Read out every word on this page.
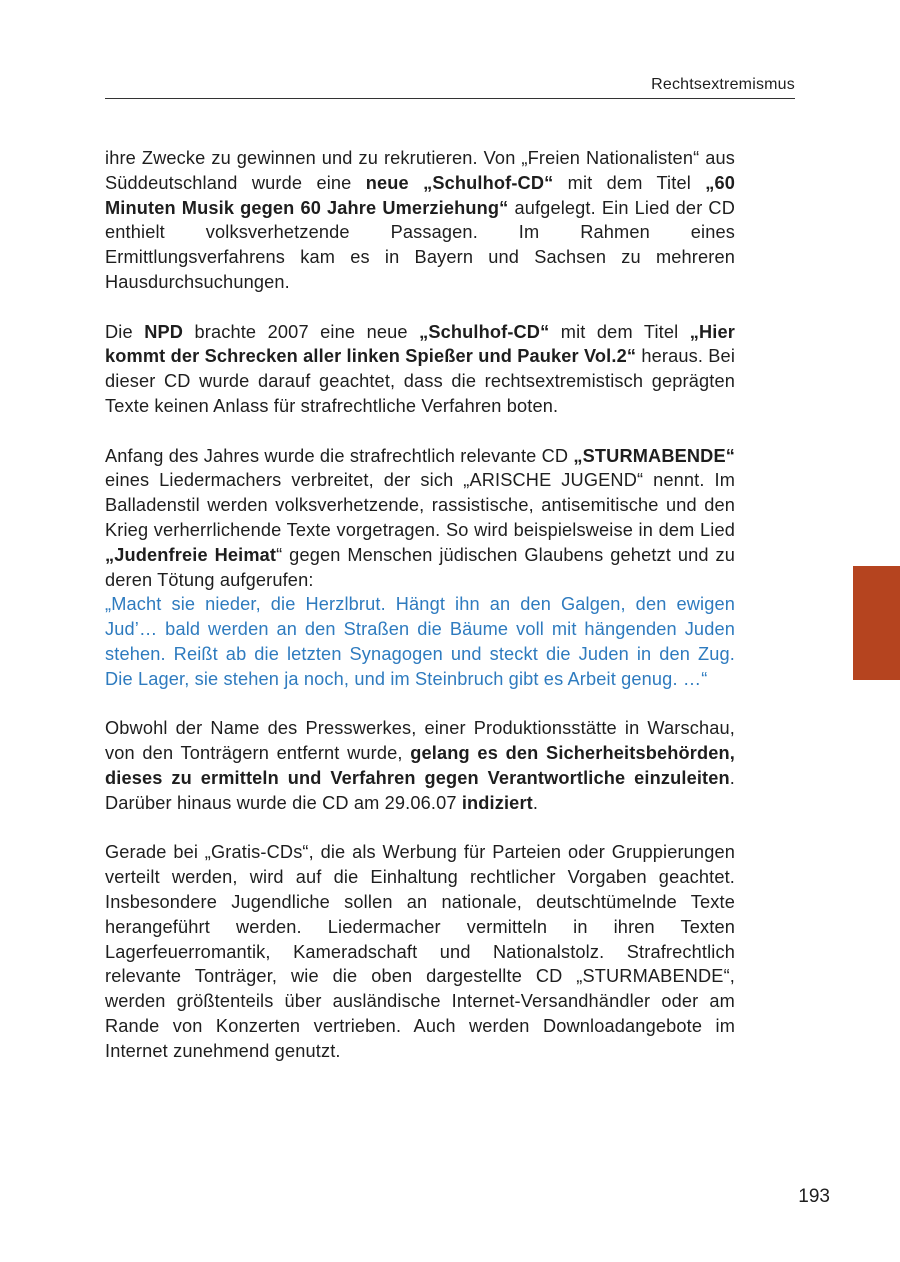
Rechtsextremismus

ihre Zwecke zu gewinnen und zu rekrutieren. Von „Freien Nationalisten“ aus Süddeutschland wurde eine neue „Schulhof-CD“ mit dem Titel „60 Minuten Musik gegen 60 Jahre Umerziehung“ aufgelegt. Ein Lied der CD enthielt volksverhetzende Passagen. Im Rahmen eines Ermittlungsverfahrens kam es in Bayern und Sachsen zu mehreren Hausdurchsuchungen.

Die NPD brachte 2007 eine neue „Schulhof-CD“ mit dem Titel „Hier kommt der Schrecken aller linken Spießer und Pauker Vol.2“ heraus. Bei dieser CD wurde darauf geachtet, dass die rechtsextremistisch geprägten Texte keinen Anlass für strafrechtliche Verfahren boten.

Anfang des Jahres wurde die strafrechtlich relevante CD „STURMABENDE“ eines Liedermachers verbreitet, der sich „ARISCHE JUGEND“ nennt. Im Balladenstil werden volksverhetzende, rassistische, antisemitische und den Krieg verherrlichende Texte vorgetragen. So wird beispielsweise in dem Lied „Judenfreie Heimat“ gegen Menschen jüdischen Glaubens gehetzt und zu deren Tötung aufgerufen:

„Macht sie nieder, die Herzlbrut. Hängt ihn an den Galgen, den ewigen Jud’… bald werden an den Straßen die Bäume voll mit hängenden Juden stehen. Reißt ab die letzten Synagogen und steckt die Juden in den Zug. Die Lager, sie stehen ja noch, und im Steinbruch gibt es Arbeit genug. …“

Obwohl der Name des Presswerkes, einer Produktionsstätte in Warschau, von den Tonträgern entfernt wurde, gelang es den Sicherheitsbehörden, dieses zu ermitteln und Verfahren gegen Verantwortliche einzuleiten. Darüber hinaus wurde die CD am 29.06.07 indiziert.

Gerade bei „Gratis-CDs“, die als Werbung für Parteien oder Gruppierungen verteilt werden, wird auf die Einhaltung rechtlicher Vorgaben geachtet. Insbesondere Jugendliche sollen an nationale, deutschtümelnde Texte herangeführt werden. Liedermacher vermitteln in ihren Texten Lagerfeuerromantik, Kameradschaft und Nationalstolz. Strafrechtlich relevante Tonträger, wie die oben dargestellte CD „STURMABENDE“, werden größtenteils über ausländische Internet-Versandhändler oder am Rande von Konzerten vertrieben. Auch werden Downloadangebote im Internet zunehmend genutzt.

193
